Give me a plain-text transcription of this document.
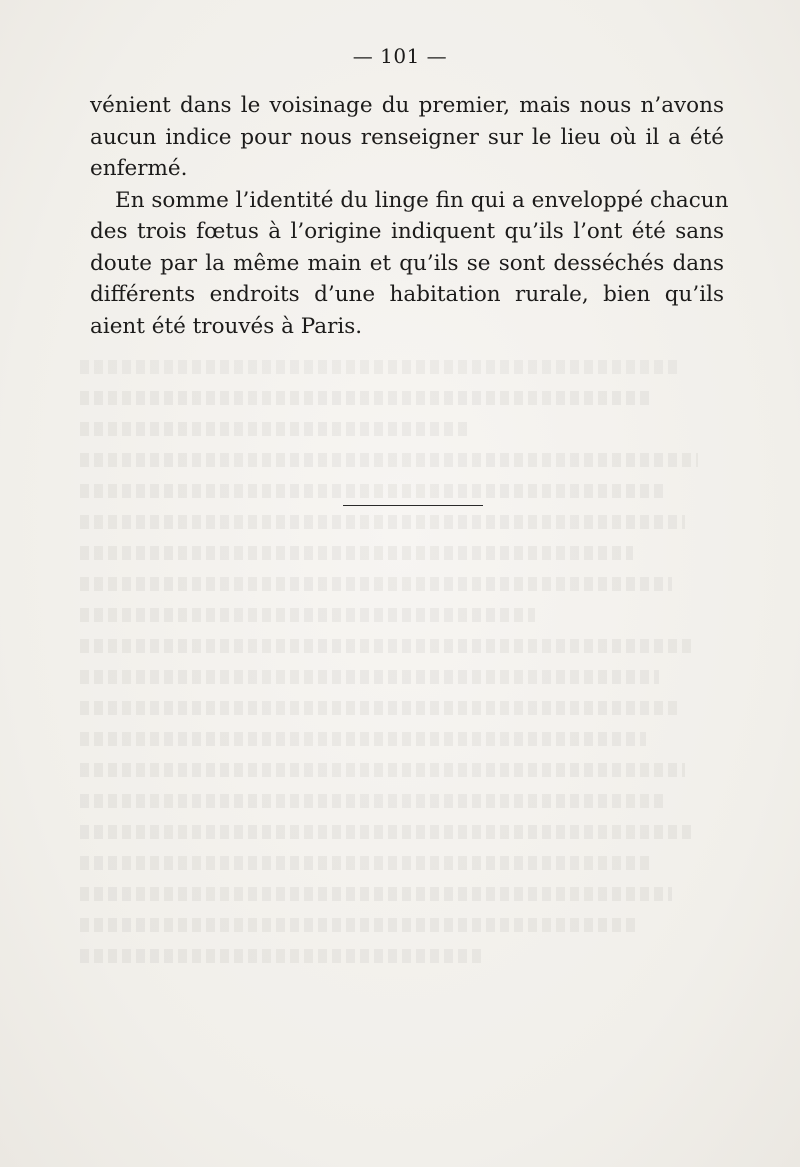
— 101 —
vénient dans le voisinage du premier, mais nous n’avons
aucun indice pour nous renseigner sur le lieu où il a été
enfermé.
En somme l’identité du linge fin qui a enveloppé chacun
des trois fœtus à l’origine indiquent qu’ils l’ont été sans
doute par la même main et qu’ils se sont desséchés dans
différents endroits d’une habitation rurale, bien qu’ils
aient été trouvés à Paris.
